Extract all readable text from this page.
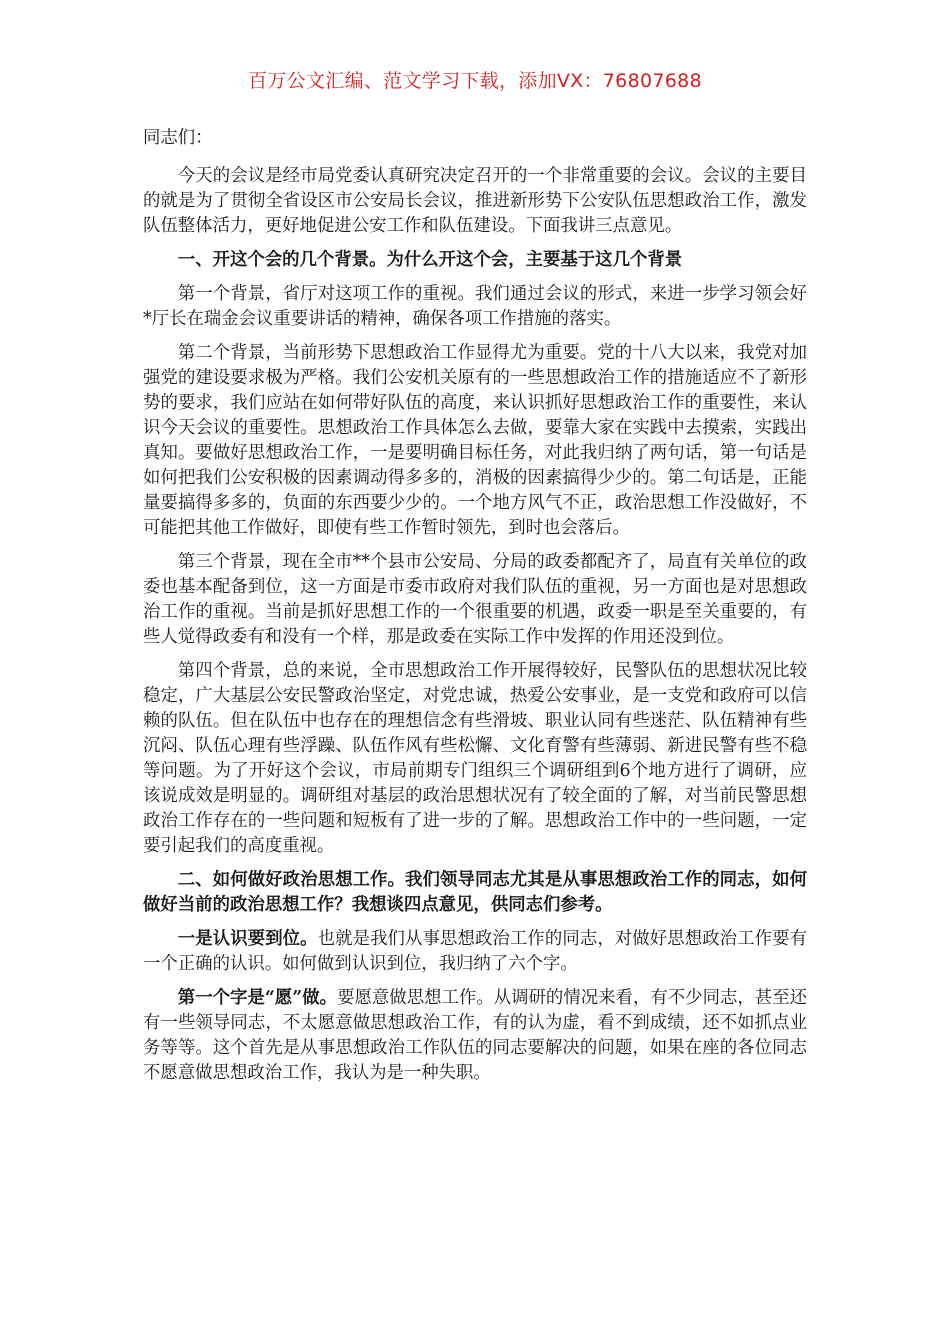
百万公文汇编、范文学习下载，添加VX：76807688

同志们：

今天的会议是经市局党委认真研究决定召开的一个非常重要的会议。会议的主要目的就是为了贯彻全省设区市公安局长会议，推进新形势下公安队伍思想政治工作，激发队伍整体活力，更好地促进公安工作和队伍建设。下面我讲三点意见。

一、开这个会的几个背景。为什么开这个会，主要基于这几个背景

第一个背景，省厅对这项工作的重视。我们通过会议的形式，来进一步学习领会好*厅长在瑞金会议重要讲话的精神，确保各项工作措施的落实。

第二个背景，当前形势下思想政治工作显得尤为重要。党的十八大以来，我党对加强党的建设要求极为严格。我们公安机关原有的一些思想政治工作的措施适应不了新形势的要求，我们应站在如何带好队伍的高度，来认识抓好思想政治工作的重要性，来认识今天会议的重要性。思想政治工作具体怎么去做，要靠大家在实践中去摸索，实践出真知。要做好思想政治工作，一是要明确目标任务，对此我归纳了两句话，第一句话是如何把我们公安积极的因素调动得多多的，消极的因素搞得少少的。第二句话是，正能量要搞得多多的，负面的东西要少少的。一个地方风气不正，政治思想工作没做好，不可能把其他工作做好，即使有些工作暂时领先，到时也会落后。

第三个背景，现在全市**个县市公安局、分局的政委都配齐了，局直有关单位的政委也基本配备到位，这一方面是市委市政府对我们队伍的重视，另一方面也是对思想政治工作的重视。当前是抓好思想工作的一个很重要的机遇，政委一职是至关重要的，有些人觉得政委有和没有一个样，那是政委在实际工作中发挥的作用还没到位。

第四个背景，总的来说，全市思想政治工作开展得较好，民警队伍的思想状况比较稳定，广大基层公安民警政治坚定，对党忠诚，热爱公安事业，是一支党和政府可以信赖的队伍。但在队伍中也存在的理想信念有些滑坡、职业认同有些迷茫、队伍精神有些沉闷、队伍心理有些浮躁、队伍作风有些松懈、文化育警有些薄弱、新进民警有些不稳等问题。为了开好这个会议，市局前期专门组织三个调研组到6个地方进行了调研，应该说成效是明显的。调研组对基层的政治思想状况有了较全面的了解，对当前民警思想政治工作存在的一些问题和短板有了进一步的了解。思想政治工作中的一些问题，一定要引起我们的高度重视。

二、如何做好政治思想工作。我们领导同志尤其是从事思想政治工作的同志，如何做好当前的政治思想工作？我想谈四点意见，供同志们参考。

一是认识要到位。也就是我们从事思想政治工作的同志，对做好思想政治工作要有一个正确的认识。如何做到认识到位，我归纳了六个字。

第一个字是“愿”做。要愿意做思想工作。从调研的情况来看，有不少同志，甚至还有一些领导同志，不太愿意做思想政治工作，有的认为虚，看不到成绩，还不如抓点业务等等。这个首先是从事思想政治工作队伍的同志要解决的问题，如果在座的各位同志不愿意做思想政治工作，我认为是一种失职。
